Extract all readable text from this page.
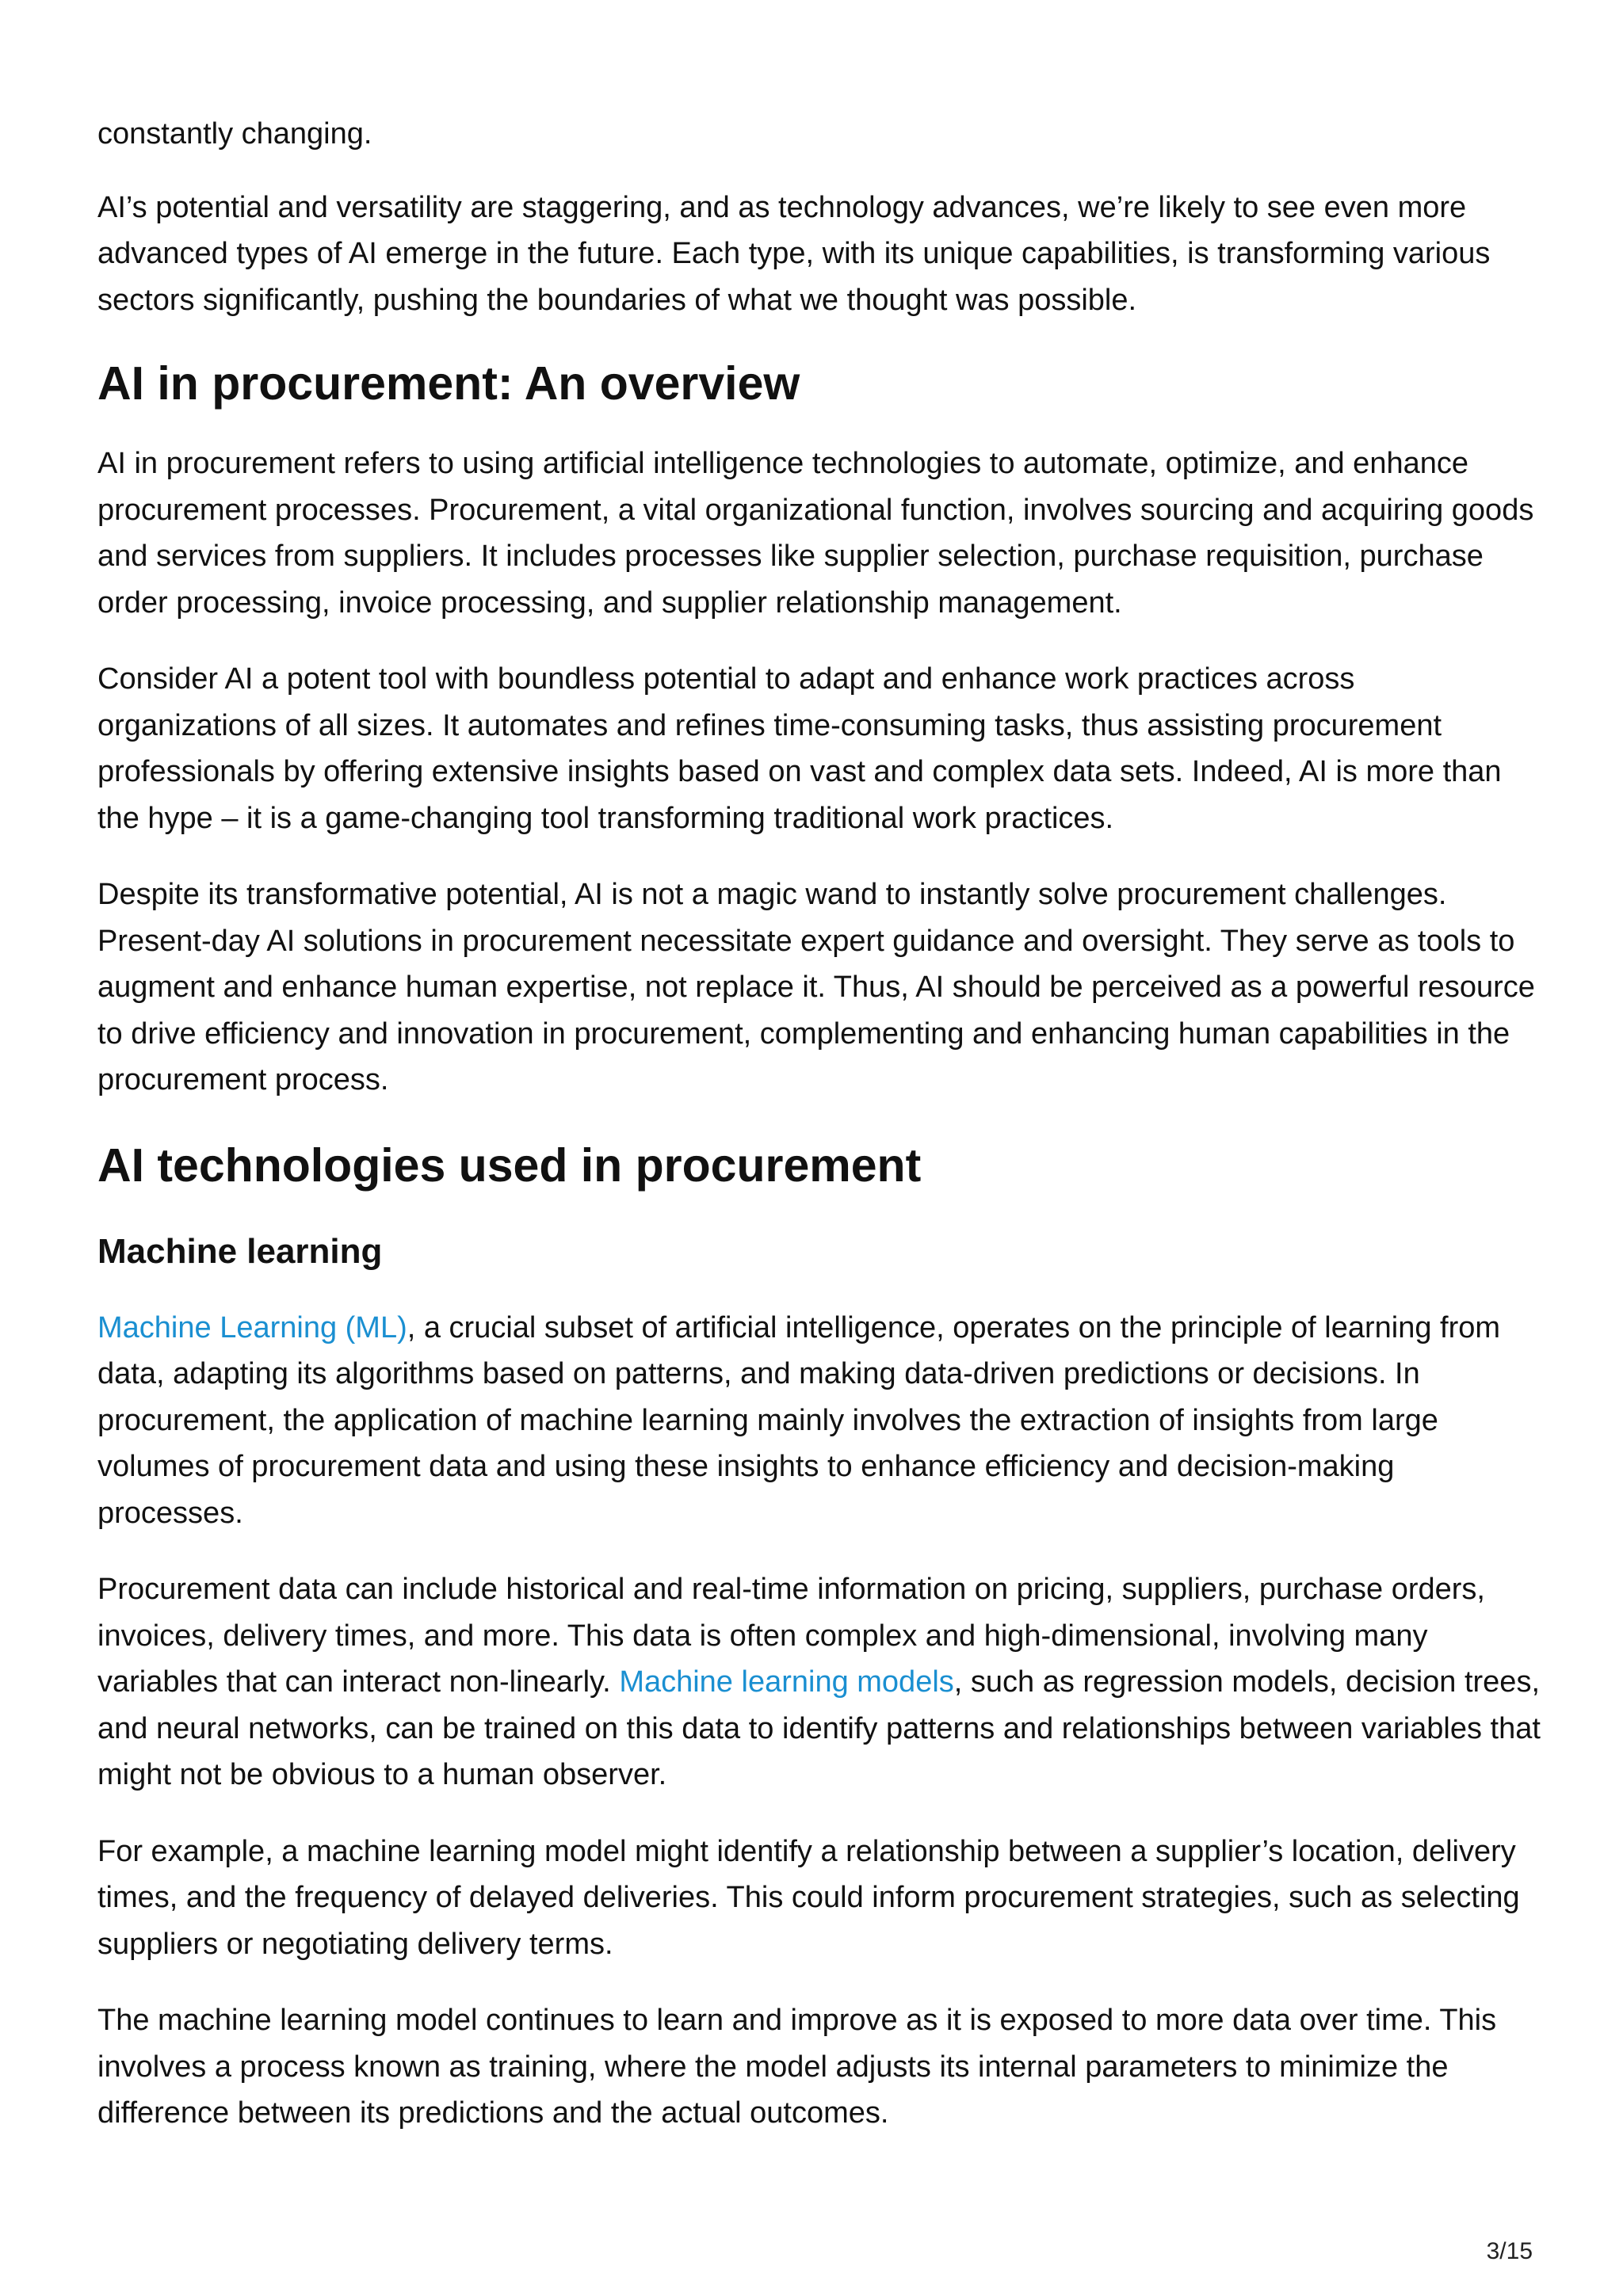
constantly changing.

AI’s potential and versatility are staggering, and as technology advances, we’re likely to see even more advanced types of AI emerge in the future. Each type, with its unique capabilities, is transforming various sectors significantly, pushing the boundaries of what we thought was possible.

AI in procurement: An overview

AI in procurement refers to using artificial intelligence technologies to automate, optimize, and enhance procurement processes. Procurement, a vital organizational function, involves sourcing and acquiring goods and services from suppliers. It includes processes like supplier selection, purchase requisition, purchase order processing, invoice processing, and supplier relationship management.

Consider AI a potent tool with boundless potential to adapt and enhance work practices across organizations of all sizes. It automates and refines time-consuming tasks, thus assisting procurement professionals by offering extensive insights based on vast and complex data sets. Indeed, AI is more than the hype – it is a game-changing tool transforming traditional work practices.

Despite its transformative potential, AI is not a magic wand to instantly solve procurement challenges. Present-day AI solutions in procurement necessitate expert guidance and oversight. They serve as tools to augment and enhance human expertise, not replace it. Thus, AI should be perceived as a powerful resource to drive efficiency and innovation in procurement, complementing and enhancing human capabilities in the procurement process.

AI technologies used in procurement
Machine learning

Machine Learning (ML), a crucial subset of artificial intelligence, operates on the principle of learning from data, adapting its algorithms based on patterns, and making data-driven predictions or decisions. In procurement, the application of machine learning mainly involves the extraction of insights from large volumes of procurement data and using these insights to enhance efficiency and decision-making processes.

Procurement data can include historical and real-time information on pricing, suppliers, purchase orders, invoices, delivery times, and more. This data is often complex and high-dimensional, involving many variables that can interact non-linearly. Machine learning models, such as regression models, decision trees, and neural networks, can be trained on this data to identify patterns and relationships between variables that might not be obvious to a human observer.

For example, a machine learning model might identify a relationship between a supplier’s location, delivery times, and the frequency of delayed deliveries. This could inform procurement strategies, such as selecting suppliers or negotiating delivery terms.

The machine learning model continues to learn and improve as it is exposed to more data over time. This involves a process known as training, where the model adjusts its internal parameters to minimize the difference between its predictions and the actual outcomes.

3/15
